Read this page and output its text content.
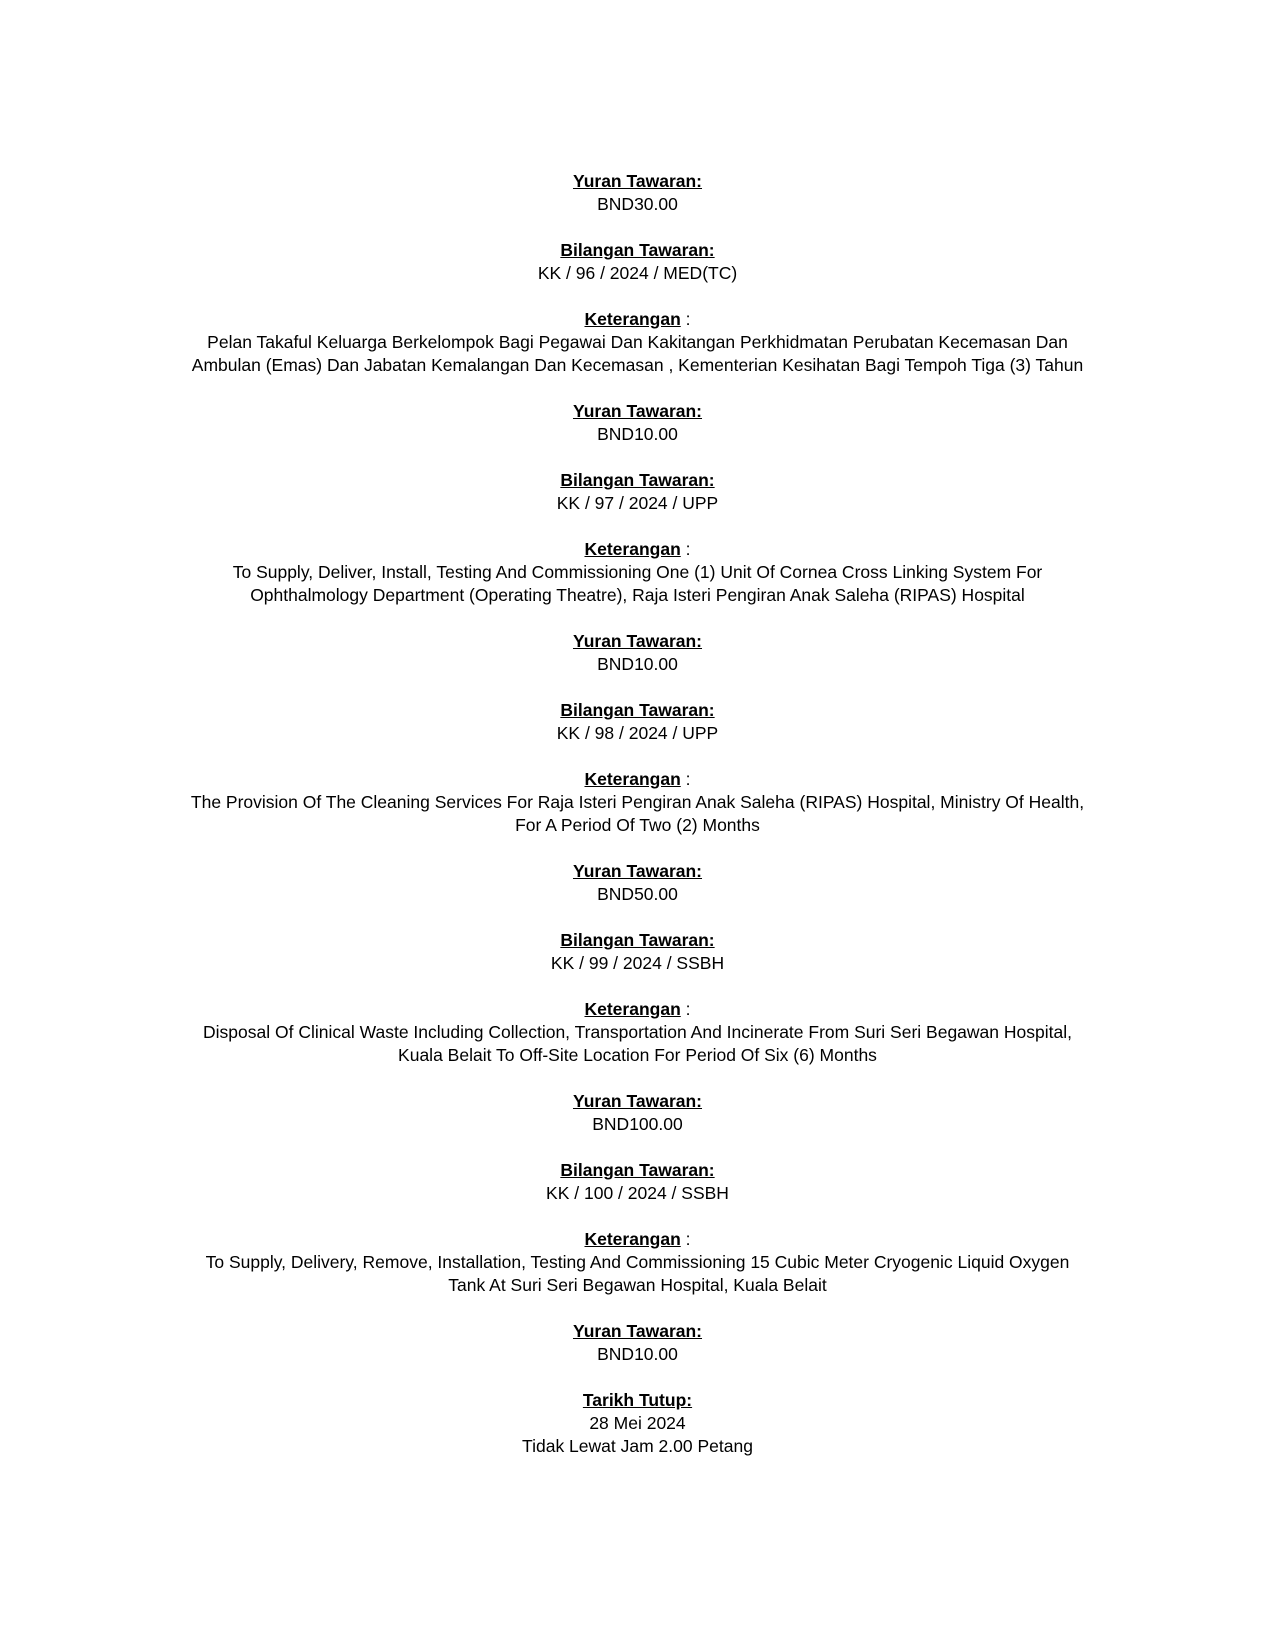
Yuran Tawaran:
BND30.00
Bilangan Tawaran:
KK / 96 / 2024 / MED(TC)
Keterangan :
Pelan Takaful Keluarga Berkelompok Bagi Pegawai Dan Kakitangan Perkhidmatan Perubatan Kecemasan Dan
Ambulan (Emas) Dan Jabatan Kemalangan Dan Kecemasan , Kementerian Kesihatan Bagi Tempoh Tiga (3) Tahun
Yuran Tawaran:
BND10.00
Bilangan Tawaran:
KK / 97 / 2024 / UPP
Keterangan :
To Supply, Deliver, Install, Testing And Commissioning One (1) Unit Of Cornea Cross Linking System For
Ophthalmology Department (Operating Theatre), Raja Isteri Pengiran Anak Saleha (RIPAS) Hospital
Yuran Tawaran:
BND10.00
Bilangan Tawaran:
KK / 98 / 2024 / UPP
Keterangan :
The Provision Of The Cleaning Services For Raja Isteri Pengiran Anak Saleha (RIPAS) Hospital, Ministry Of Health,
For A Period Of Two (2) Months
Yuran Tawaran:
BND50.00
Bilangan Tawaran:
KK / 99 / 2024 / SSBH
Keterangan :
Disposal Of Clinical Waste Including Collection, Transportation And Incinerate From Suri Seri Begawan Hospital,
Kuala Belait To Off-Site Location For Period Of Six (6) Months
Yuran Tawaran:
BND100.00
Bilangan Tawaran:
KK / 100 / 2024 / SSBH
Keterangan :
To Supply, Delivery, Remove, Installation, Testing And Commissioning 15 Cubic Meter Cryogenic Liquid Oxygen
Tank At Suri Seri Begawan Hospital, Kuala Belait
Yuran Tawaran:
BND10.00
Tarikh Tutup:
28 Mei 2024
Tidak Lewat Jam 2.00 Petang
